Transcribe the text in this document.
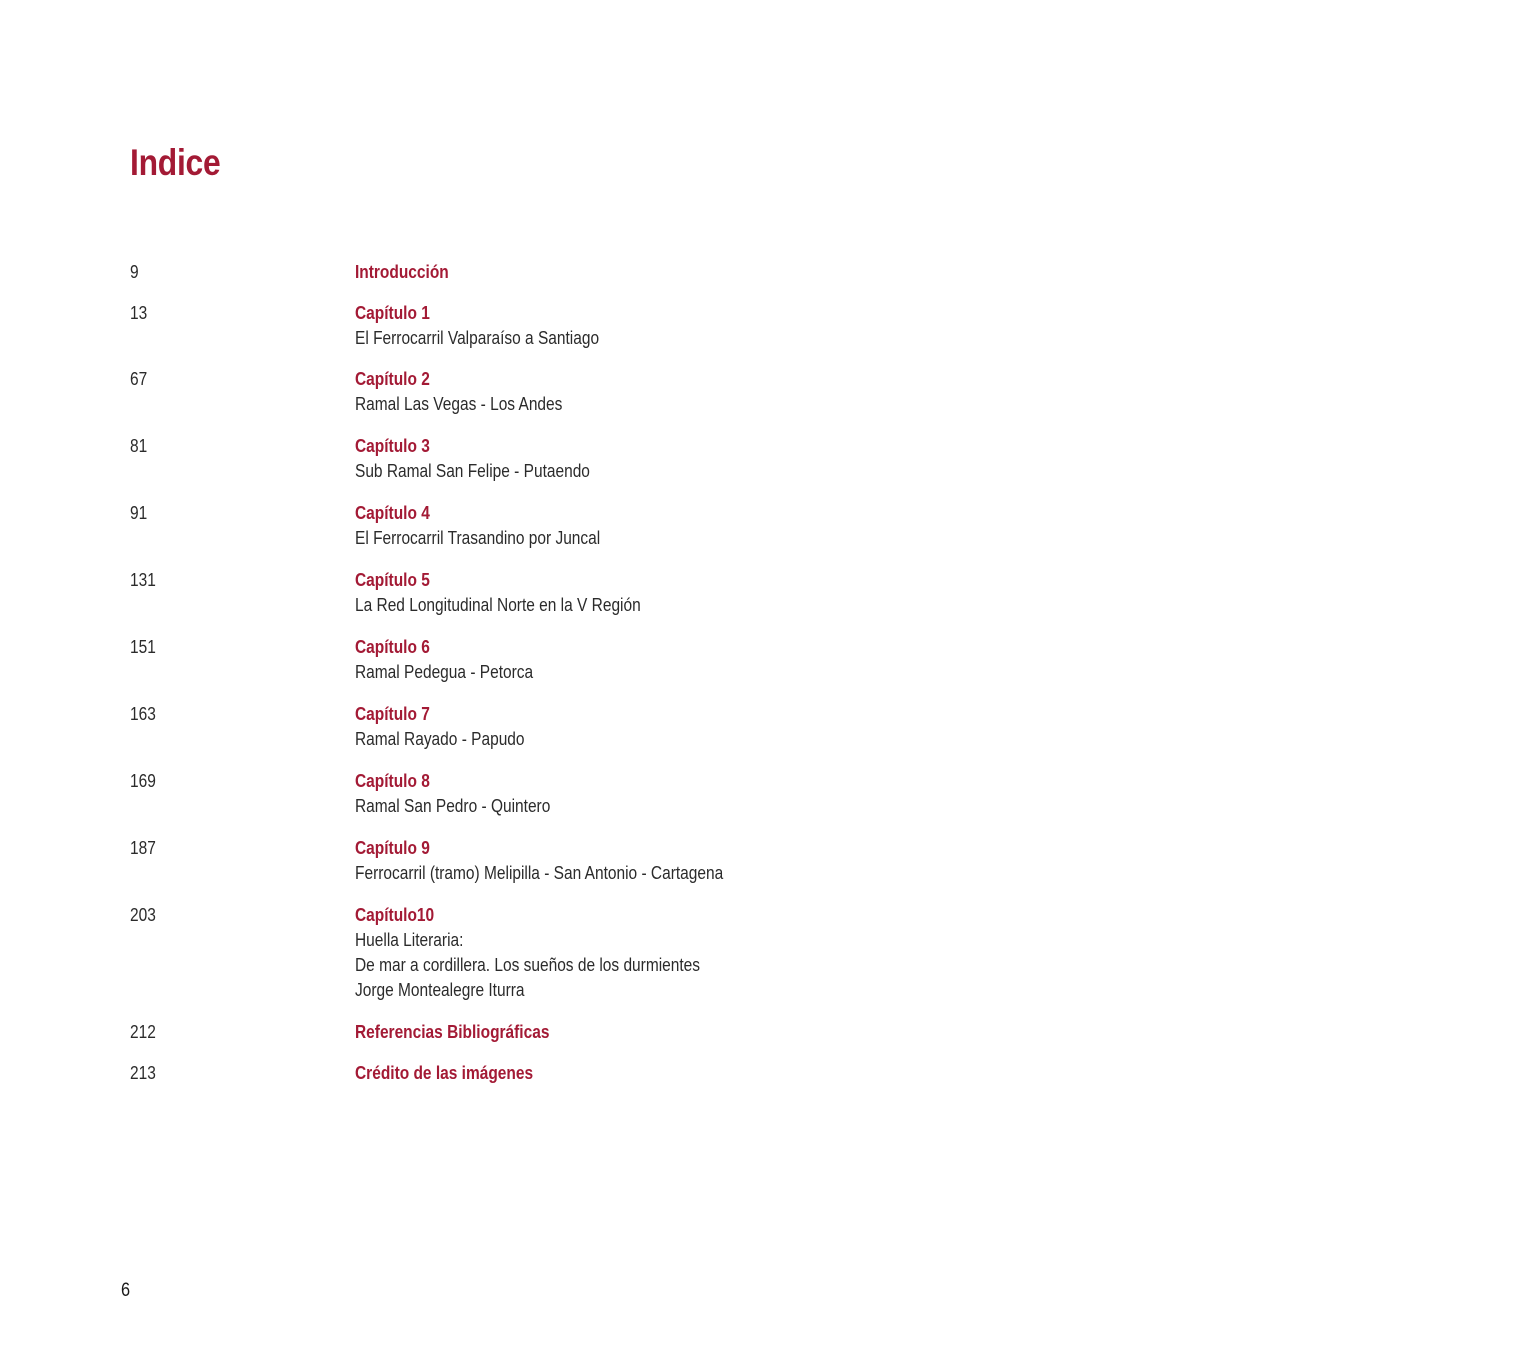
Indice
9	Introducción
13	Capítulo 1
El Ferrocarril Valparaíso a Santiago
67	Capítulo 2
Ramal Las Vegas - Los Andes
81	Capítulo 3
Sub Ramal San Felipe - Putaendo
91	Capítulo 4
El Ferrocarril Trasandino por Juncal
131	Capítulo 5
La Red Longitudinal Norte en la V Región
151	Capítulo 6
Ramal Pedegua - Petorca
163	Capítulo 7
Ramal Rayado - Papudo
169	Capítulo 8
Ramal San Pedro - Quintero
187	Capítulo 9
Ferrocarril (tramo) Melipilla - San Antonio - Cartagena
203	Capítulo10
Huella Literaria:
De mar a cordillera. Los sueños de los durmientes
Jorge Montealegre Iturra
212	Referencias Bibliográficas
213	Crédito de las imágenes
6
